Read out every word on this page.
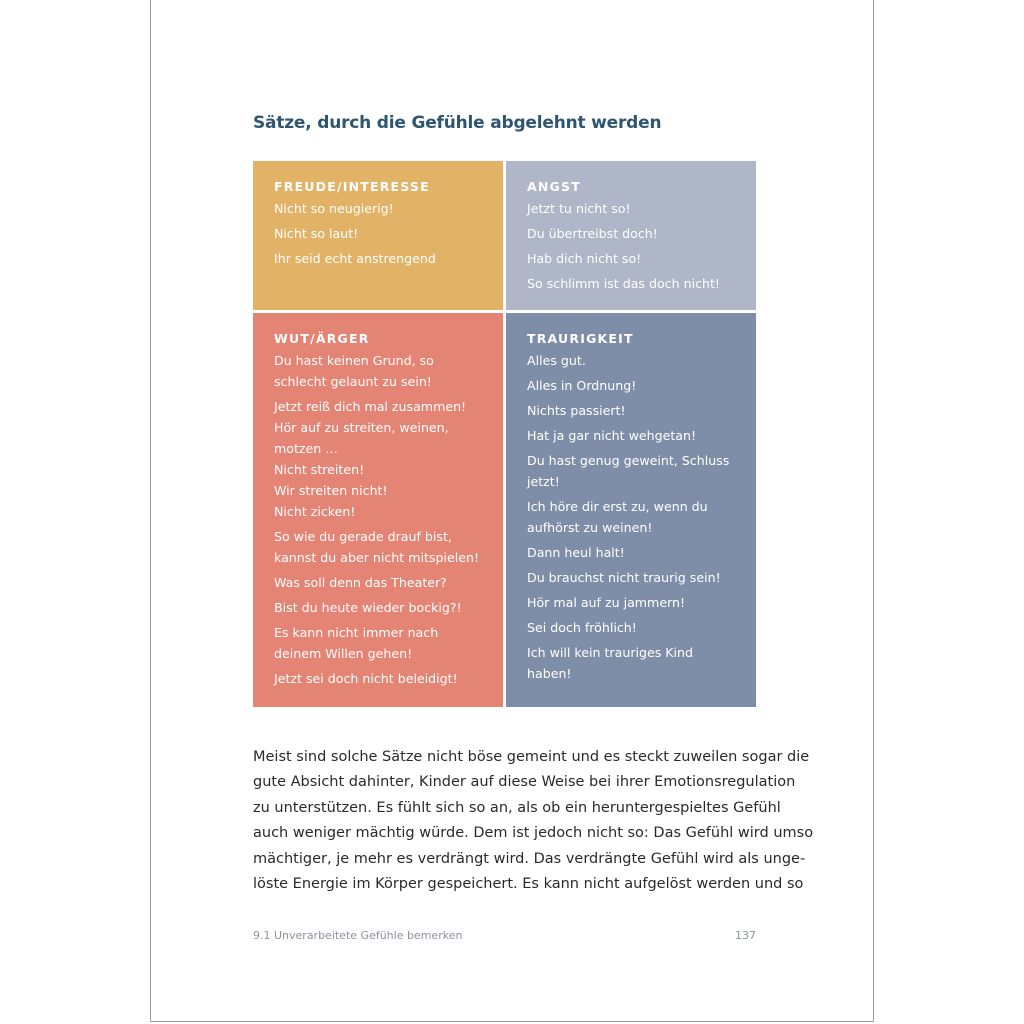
Sätze, durch die Gefühle abgelehnt werden
FREUDE/INTERESSE
Nicht so neugierig!
Nicht so laut!
Ihr seid echt anstrengend
ANGST
Jetzt tu nicht so!
Du übertreibst doch!
Hab dich nicht so!
So schlimm ist das doch nicht!
WUT/ÄRGER
Du hast keinen Grund, so schlecht gelaunt zu sein!
Jetzt reiß dich mal zusammen!
Hör auf zu streiten, weinen, motzen …
Nicht streiten!
Wir streiten nicht!
Nicht zicken!
So wie du gerade drauf bist, kannst du aber nicht mitspielen!
Was soll denn das Theater?
Bist du heute wieder bockig?!
Es kann nicht immer nach deinem Willen gehen!
Jetzt sei doch nicht beleidigt!
TRAURIGKEIT
Alles gut.
Alles in Ordnung!
Nichts passiert!
Hat ja gar nicht wehgetan!
Du hast genug geweint, Schluss jetzt!
Ich höre dir erst zu, wenn du aufhörst zu weinen!
Dann heul halt!
Du brauchst nicht traurig sein!
Hör mal auf zu jammern!
Sei doch fröhlich!
Ich will kein trauriges Kind haben!

Meist sind solche Sätze nicht böse gemeint und es steckt zuweilen sogar die
gute Absicht dahinter, Kinder auf diese Weise bei ihrer Emotionsregulation
zu unterstützen. Es fühlt sich so an, als ob ein heruntergespieltes Gefühl
auch weniger mächtig würde. Dem ist jedoch nicht so: Das Gefühl wird umso
mächtiger, je mehr es verdrängt wird. Das verdrängte Gefühl wird als unge-
löste Energie im Körper gespeichert. Es kann nicht aufgelöst werden und so

9.1 Unverarbeitete Gefühle bemerken	137
